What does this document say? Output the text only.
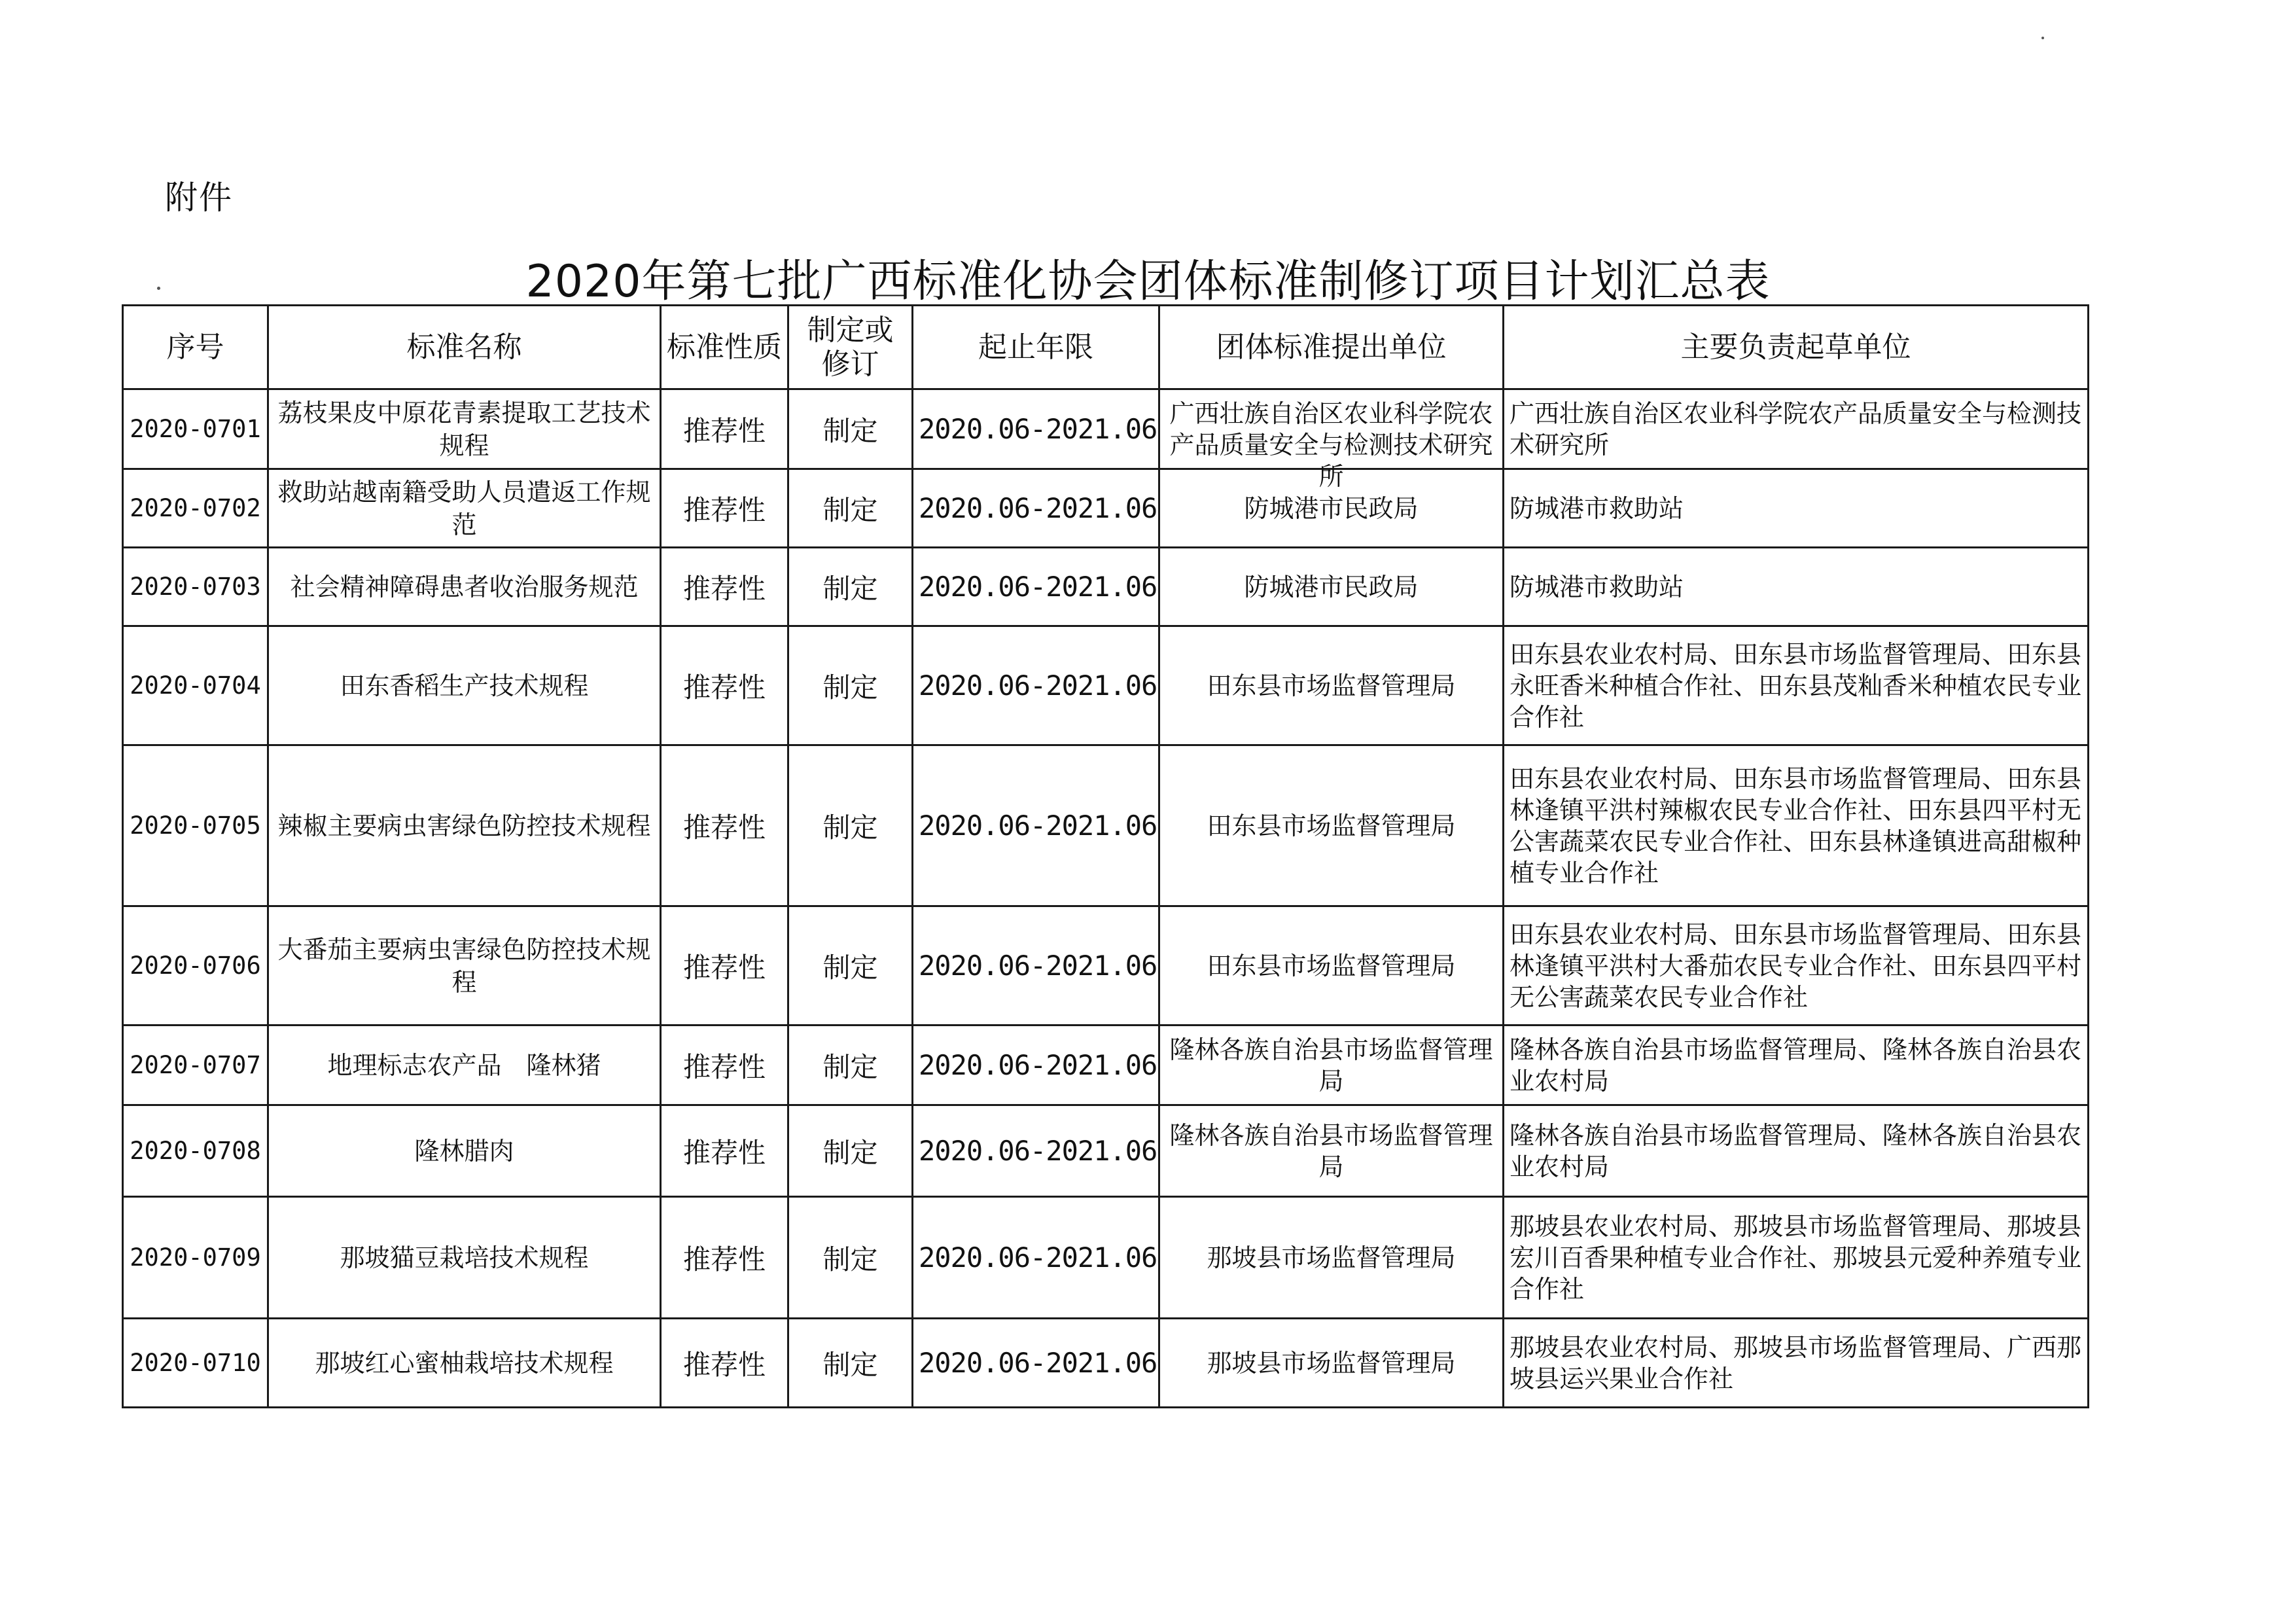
附件
2020年第七批广西标准化协会团体标准制修订项目计划汇总表
序号	标准名称	标准性质	制定或修订	起止年限	团体标准提出单位	主要负责起草单位
2020-0701	荔枝果皮中原花青素提取工艺技术规程	推荐性	制定	2020.06-2021.06	广西壮族自治区农业科学院农产品质量安全与检测技术研究所	广西壮族自治区农业科学院农产品质量安全与检测技术研究所
2020-0702	救助站越南籍受助人员遣返工作规范	推荐性	制定	2020.06-2021.06	防城港市民政局	防城港市救助站
2020-0703	社会精神障碍患者收治服务规范	推荐性	制定	2020.06-2021.06	防城港市民政局	防城港市救助站
2020-0704	田东香稻生产技术规程	推荐性	制定	2020.06-2021.06	田东县市场监督管理局	田东县农业农村局、田东县市场监督管理局、田东县永旺香米种植合作社、田东县茂籼香米种植农民专业合作社
2020-0705	辣椒主要病虫害绿色防控技术规程	推荐性	制定	2020.06-2021.06	田东县市场监督管理局	田东县农业农村局、田东县市场监督管理局、田东县林逢镇平洪村辣椒农民专业合作社、田东县四平村无公害蔬菜农民专业合作社、田东县林逢镇进高甜椒种植专业合作社
2020-0706	大番茄主要病虫害绿色防控技术规程	推荐性	制定	2020.06-2021.06	田东县市场监督管理局	田东县农业农村局、田东县市场监督管理局、田东县林逢镇平洪村大番茄农民专业合作社、田东县四平村无公害蔬菜农民专业合作社
2020-0707	地理标志农产品　隆林猪	推荐性	制定	2020.06-2021.06	隆林各族自治县市场监督管理局	隆林各族自治县市场监督管理局、隆林各族自治县农业农村局
2020-0708	隆林腊肉	推荐性	制定	2020.06-2021.06	隆林各族自治县市场监督管理局	隆林各族自治县市场监督管理局、隆林各族自治县农业农村局
2020-0709	那坡猫豆栽培技术规程	推荐性	制定	2020.06-2021.06	那坡县市场监督管理局	那坡县农业农村局、那坡县市场监督管理局、那坡县宏川百香果种植专业合作社、那坡县元爱种养殖专业合作社
2020-0710	那坡红心蜜柚栽培技术规程	推荐性	制定	2020.06-2021.06	那坡县市场监督管理局	那坡县农业农村局、那坡县市场监督管理局、广西那坡县运兴果业合作社
